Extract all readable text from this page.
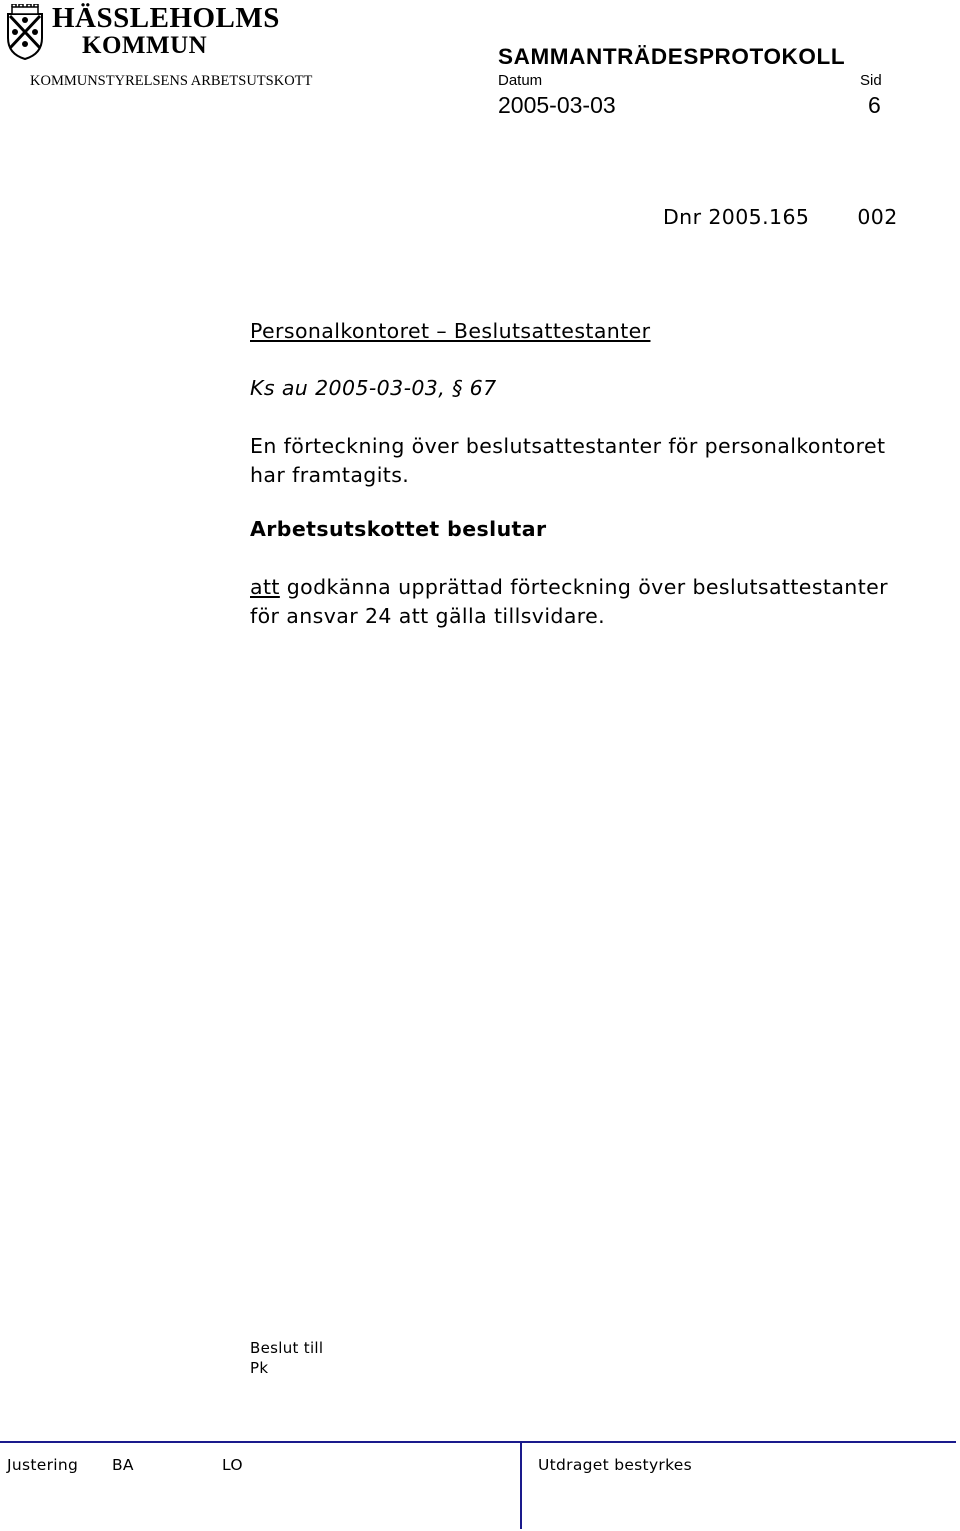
HÄSSLEHOLMS
KOMMUN
KOMMUNSTYRELSENS ARBETSUTSKOTT
SAMMANTRÄDESPROTOKOLL
Datum	Sid
2005-03-03	6
Dnr 2005.165 002
Personalkontoret – Beslutsattestanter
Ks au 2005-03-03, § 67
En förteckning över beslutsattestanter för personalkontoret
har framtagits.
Arbetsutskottet beslutar
att godkänna upprättad förteckning över beslutsattestanter
för ansvar 24 att gälla tillsvidare.
Beslut till
Pk
Justering BA	LO	Utdraget bestyrkes
